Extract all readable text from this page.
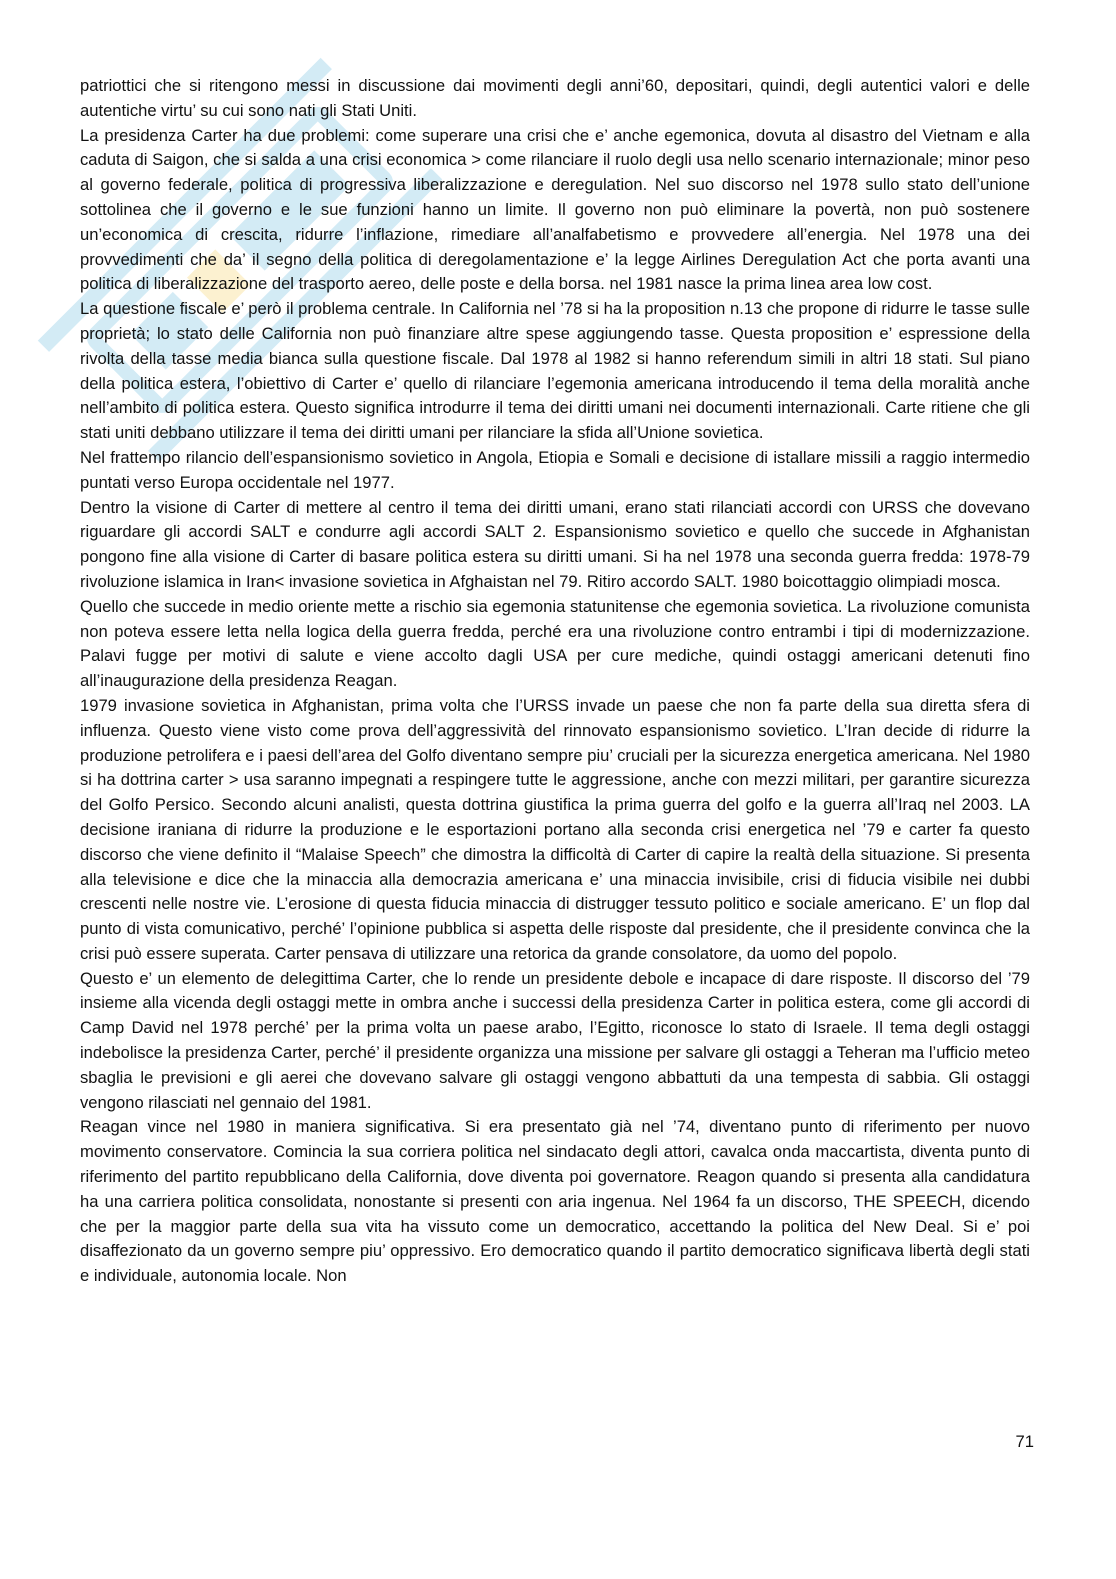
patriottici che si ritengono messi in discussione dai movimenti degli anni’60, depositari, quindi, degli autentici valori e delle autentiche virtu’ su cui sono nati gli Stati Uniti.

La presidenza Carter ha due problemi: come superare una crisi che e’ anche egemonica, dovuta al disastro del Vietnam e alla caduta di Saigon, che si salda a una crisi economica > come rilanciare il ruolo degli usa nello scenario internazionale; minor peso al governo federale, politica di progressiva liberalizzazione e deregulation. Nel suo discorso nel 1978 sullo stato dell’unione sottolinea che il governo e le sue funzioni hanno un limite. Il governo non può eliminare la povertà, non può sostenere un’economica di crescita, ridurre l’inflazione, rimediare all’analfabetismo e provvedere all’energia. Nel 1978 una dei provvedimenti che da’ il segno della politica di deregolamentazione e’ la legge Airlines Deregulation Act che porta avanti una politica di liberalizzazione del trasporto aereo, delle poste e della borsa. nel 1981 nasce la prima linea area low cost.

La questione fiscale e’ però il problema centrale. In California nel ’78 si ha la proposition n.13 che propone di ridurre le tasse sulle proprietà; lo stato delle California non può finanziare altre spese aggiungendo tasse. Questa proposition e’ espressione della rivolta della tasse media bianca sulla questione fiscale. Dal 1978 al 1982 si hanno referendum simili in altri 18 stati. Sul piano della politica estera, l’obiettivo di Carter e’ quello di rilanciare l’egemonia americana introducendo il tema della moralità anche nell’ambito di politica estera. Questo significa introdurre il tema dei diritti umani nei documenti internazionali. Carte ritiene che gli stati uniti debbano utilizzare il tema dei diritti umani per rilanciare la sfida all’Unione sovietica.

Nel frattempo rilancio dell’espansionismo sovietico in Angola, Etiopia e Somali e decisione di istallare missili a raggio intermedio puntati verso Europa occidentale nel 1977.

Dentro la visione di Carter di mettere al centro il tema dei diritti umani, erano stati rilanciati accordi con URSS che dovevano riguardare gli accordi SALT e condurre agli accordi SALT 2. Espansionismo sovietico e quello che succede in Afghanistan pongono fine alla visione di Carter di basare politica estera su diritti umani. Si ha nel 1978 una seconda guerra fredda: 1978-79 rivoluzione islamica in Iran< invasione sovietica in Afghaistan nel 79. Ritiro accordo SALT. 1980 boicottaggio olimpiadi mosca.

Quello che succede in medio oriente mette a rischio sia egemonia statunitense che egemonia sovietica. La rivoluzione comunista non poteva essere letta nella logica della guerra fredda, perché era una rivoluzione contro entrambi i tipi di modernizzazione. Palavi fugge per motivi di salute e viene accolto dagli USA per cure mediche, quindi ostaggi americani detenuti fino all’inaugurazione della presidenza Reagan.

1979 invasione sovietica in Afghanistan, prima volta che l’URSS invade un paese che non fa parte della sua diretta sfera di influenza. Questo viene visto come prova dell’aggressività del rinnovato espansionismo sovietico. L’Iran decide di ridurre la produzione petrolifera e i paesi dell’area del Golfo diventano sempre piu’ cruciali per la sicurezza energetica americana. Nel 1980 si ha dottrina carter > usa saranno impegnati a respingere tutte le aggressione, anche con mezzi militari, per garantire sicurezza del Golfo Persico. Secondo alcuni analisti, questa dottrina giustifica la prima guerra del golfo e la guerra all’Iraq nel 2003. LA decisione iraniana di ridurre la produzione e le esportazioni portano alla seconda crisi energetica nel ’79 e carter fa questo discorso che viene definito il “Malaise Speech” che dimostra la difficoltà di Carter di capire la realtà della situazione. Si presenta alla televisione e dice che la minaccia alla democrazia americana e’ una minaccia invisibile, crisi di fiducia visibile nei dubbi crescenti nelle nostre vie. L’erosione di questa fiducia minaccia di distrugger tessuto politico e sociale americano. E’ un flop dal punto di vista comunicativo, perché’ l’opinione pubblica si aspetta delle risposte dal presidente, che il presidente convinca che la crisi può essere superata. Carter pensava di utilizzare una retorica da grande consolatore, da uomo del popolo.

Questo e’ un elemento de delegittima Carter, che lo rende un presidente debole e incapace di dare risposte. Il discorso del ’79 insieme alla vicenda degli ostaggi mette in ombra anche i successi della presidenza Carter in politica estera, come gli accordi di Camp David nel 1978 perché’ per la prima volta un paese arabo, l’Egitto, riconosce lo stato di Israele. Il tema degli ostaggi indebolisce la presidenza Carter, perché’ il presidente organizza una missione per salvare gli ostaggi a Teheran ma l’ufficio meteo sbaglia le previsioni e gli aerei che dovevano salvare gli ostaggi vengono abbattuti da una tempesta di sabbia. Gli ostaggi vengono rilasciati nel gennaio del 1981.

Reagan vince nel 1980 in maniera significativa. Si era presentato già nel ’74, diventano punto di riferimento per nuovo movimento conservatore. Comincia la sua corriera politica nel sindacato degli attori, cavalca onda maccartista, diventa punto di riferimento del partito repubblicano della California, dove diventa poi governatore. Reagon quando si presenta alla candidatura ha una carriera politica consolidata, nonostante si presenti con aria ingenua. Nel 1964 fa un discorso, THE SPEECH, dicendo che per la maggior parte della sua vita ha vissuto come un democratico, accettando la politica del New Deal. Si e’ poi disaffezionato da un governo sempre piu’ oppressivo. Ero democratico quando il partito democratico significava libertà degli stati e individuale, autonomia locale. Non

71
